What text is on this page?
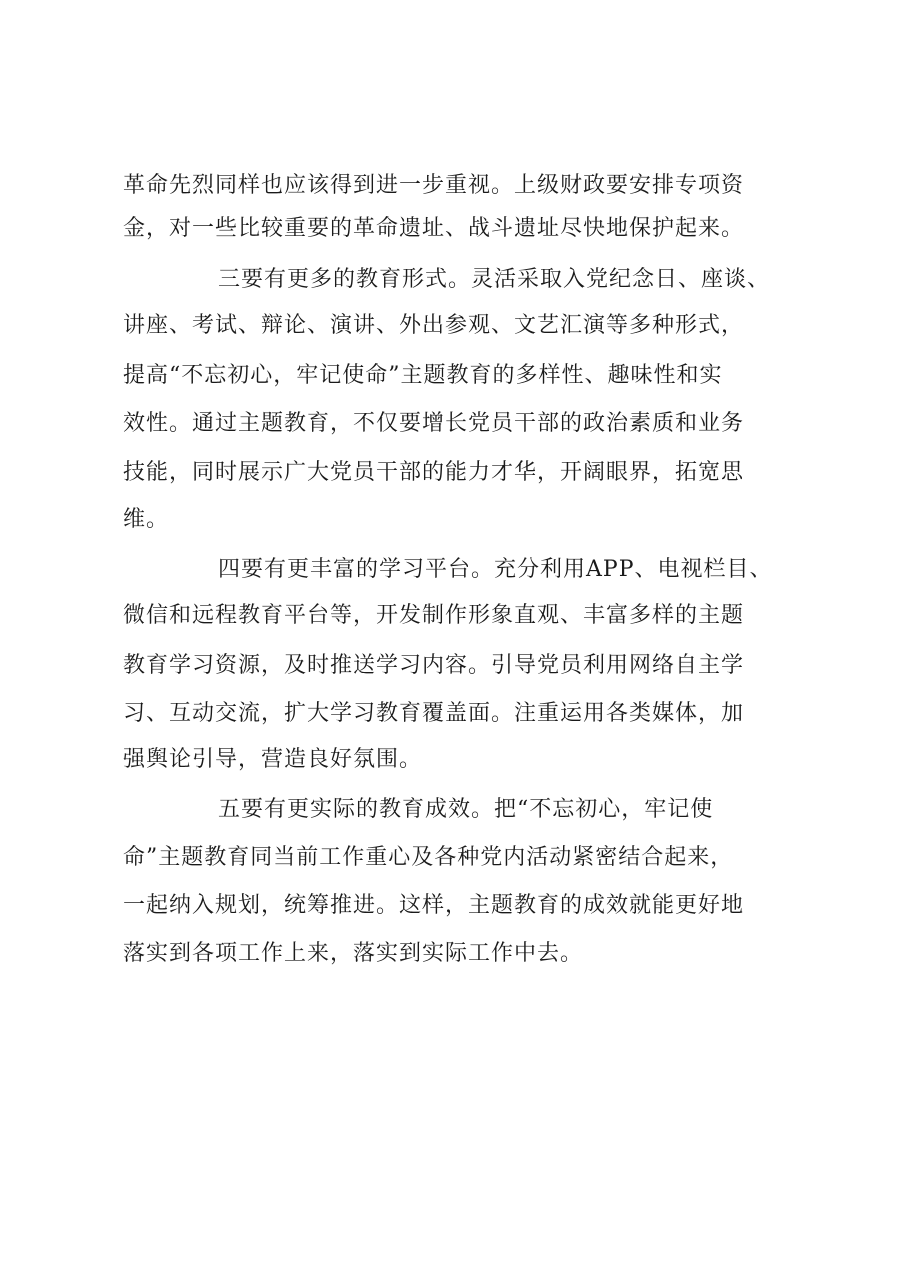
革命先烈同样也应该得到进一步重视。上级财政要安排专项资
金，对一些比较重要的革命遗址、战斗遗址尽快地保护起来。
三要有更多的教育形式。灵活采取入党纪念日、座谈、
讲座、考试、辩论、演讲、外出参观、文艺汇演等多种形式，
提高“不忘初心，牢记使命”主题教育的多样性、趣味性和实
效性。通过主题教育，不仅要增长党员干部的政治素质和业务
技能，同时展示广大党员干部的能力才华，开阔眼界，拓宽思
维。
四要有更丰富的学习平台。充分利用APP、电视栏目、
微信和远程教育平台等，开发制作形象直观、丰富多样的主题
教育学习资源，及时推送学习内容。引导党员利用网络自主学
习、互动交流，扩大学习教育覆盖面。注重运用各类媒体，加
强舆论引导，营造良好氛围。
五要有更实际的教育成效。把“不忘初心，牢记使
命”主题教育同当前工作重心及各种党内活动紧密结合起来，
一起纳入规划，统筹推进。这样，主题教育的成效就能更好地
落实到各项工作上来，落实到实际工作中去。
